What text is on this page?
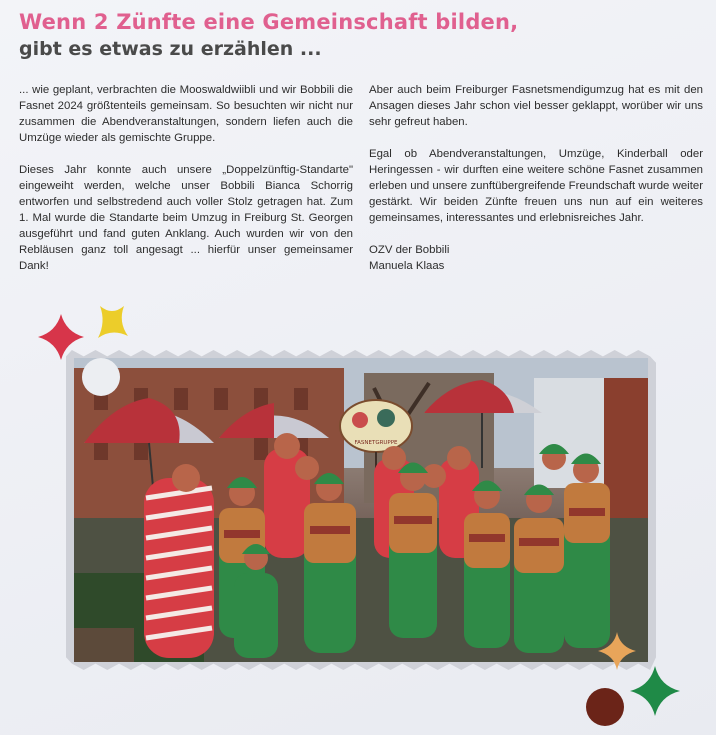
Wenn 2 Zünfte eine Gemeinschaft bilden,
gibt es etwas zu erzählen ...

... wie geplant, verbrachten die Mooswaldwiibli und wir Bobbili die Fasnet 2024 größtenteils gemeinsam. So besuchten wir nicht nur zusammen die Abendveranstaltungen, sondern liefen auch die Umzüge wieder als gemischte Gruppe.

Dieses Jahr konnte auch unsere „Doppelzünftig-Standarte" eingeweiht werden, welche unser Bobbili Bianca Schorrig entworfen und selbstredend auch voller Stolz getragen hat. Zum 1. Mal wurde die Standarte beim Umzug in Freiburg St. Georgen ausgeführt und fand guten Anklang. Auch wurden wir von den Rebläusen ganz toll angesagt ... hierfür unser gemeinsamer Dank!

Aber auch beim Freiburger Fasnetsmendigumzug hat es mit den Ansagen dieses Jahr schon viel besser geklappt, worüber wir uns sehr gefreut haben.

Egal ob Abendveranstaltungen, Umzüge, Kinderball oder Heringessen - wir durften eine weitere schöne Fasnet zusammen erleben und unsere zunftübergreifende Freundschaft wurde weiter gestärkt. Wir beiden Zünfte freuen uns nun auf ein weiteres gemeinsames, interessantes und erlebnisreiches Jahr.

OZV der Bobbili
Manuela Klaas
FASNETGRUPPE
